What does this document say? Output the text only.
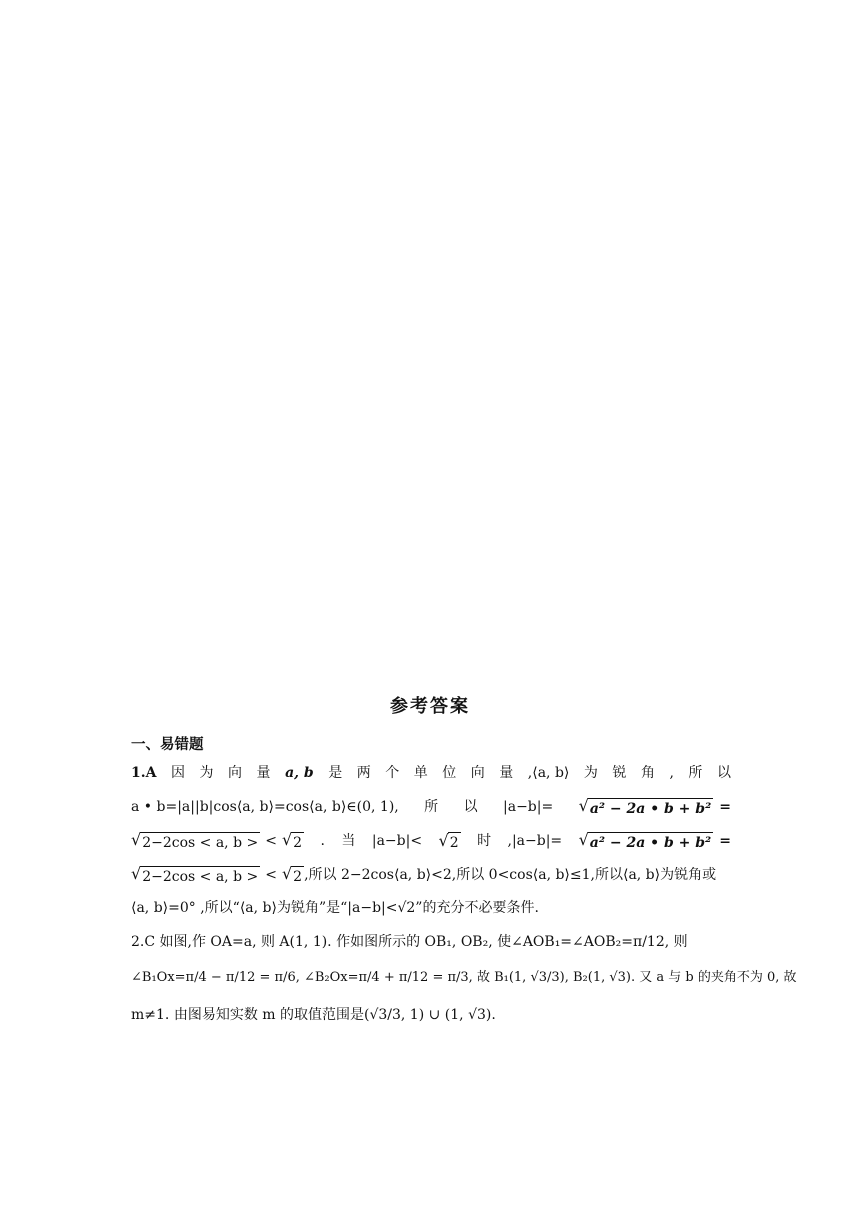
参考答案
一、易错题
1.A 因 为 向 量 a, b 是 两 个 单 位 向 量 ,⟨a, b⟩ 为 锐 角 , 所 以
a • b=|a||b|cos⟨a, b⟩=cos⟨a, b⟩∈(0, 1), 所 以 |a−b|= √ a² − 2a • b + b² =
√ 2−2cos < a, b > < √ 2 . 当 |a−b|< √ 2 时 ,|a−b|= √ a² − 2a • b + b² =
√ 2−2cos < a, b > < √ 2 ,所以 2−2cos⟨a, b⟩<2,所以 0<cos⟨a, b⟩≤1,所以⟨a, b⟩为锐角或
⟨a, b⟩=0° ,所以“⟨a, b⟩为锐角”是“|a−b|<√2”的充分不必要条件.
2.C 如图,作 OA=a, 则 A(1, 1). 作如图所示的 OB₁, OB₂, 使∠AOB₁=∠AOB₂=π/12, 则
∠B₁Ox=π/4 − π/12 = π/6, ∠B₂Ox=π/4 + π/12 = π/3, 故 B₁(1, √3/3), B₂(1, √3). 又 a 与 b 的夹角不为 0, 故
m≠1. 由图易知实数 m 的取值范围是(√3/3, 1) ∪ (1, √3).
